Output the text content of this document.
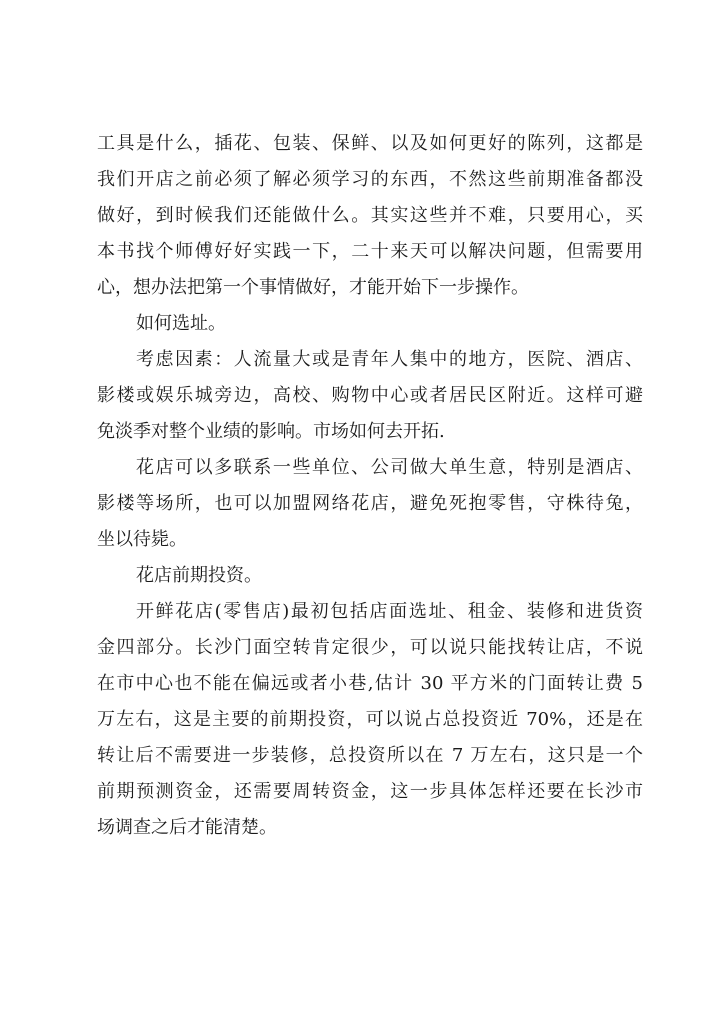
工具是什么，插花、包装、保鲜、以及如何更好的陈列，这都是
我们开店之前必须了解必须学习的东西，不然这些前期准备都没
做好，到时候我们还能做什么。其实这些并不难，只要用心，买
本书找个师傅好好实践一下，二十来天可以解决问题，但需要用
心，想办法把第一个事情做好，才能开始下一步操作。
如何选址。
考虑因素：人流量大或是青年人集中的地方，医院、酒店、
影楼或娱乐城旁边，高校、购物中心或者居民区附近。这样可避
免淡季对整个业绩的影响。市场如何去开拓.
花店可以多联系一些单位、公司做大单生意，特别是酒店、
影楼等场所，也可以加盟网络花店，避免死抱零售，守株待兔，
坐以待毙。
花店前期投资。
开鲜花店(零售店)最初包括店面选址、租金、装修和进货资
金四部分。长沙门面空转肯定很少，可以说只能找转让店，不说
在市中心也不能在偏远或者小巷,估计 30 平方米的门面转让费 5
万左右，这是主要的前期投资，可以说占总投资近 70%，还是在
转让后不需要进一步装修，总投资所以在 7 万左右，这只是一个
前期预测资金，还需要周转资金，这一步具体怎样还要在长沙市
场调查之后才能清楚。
